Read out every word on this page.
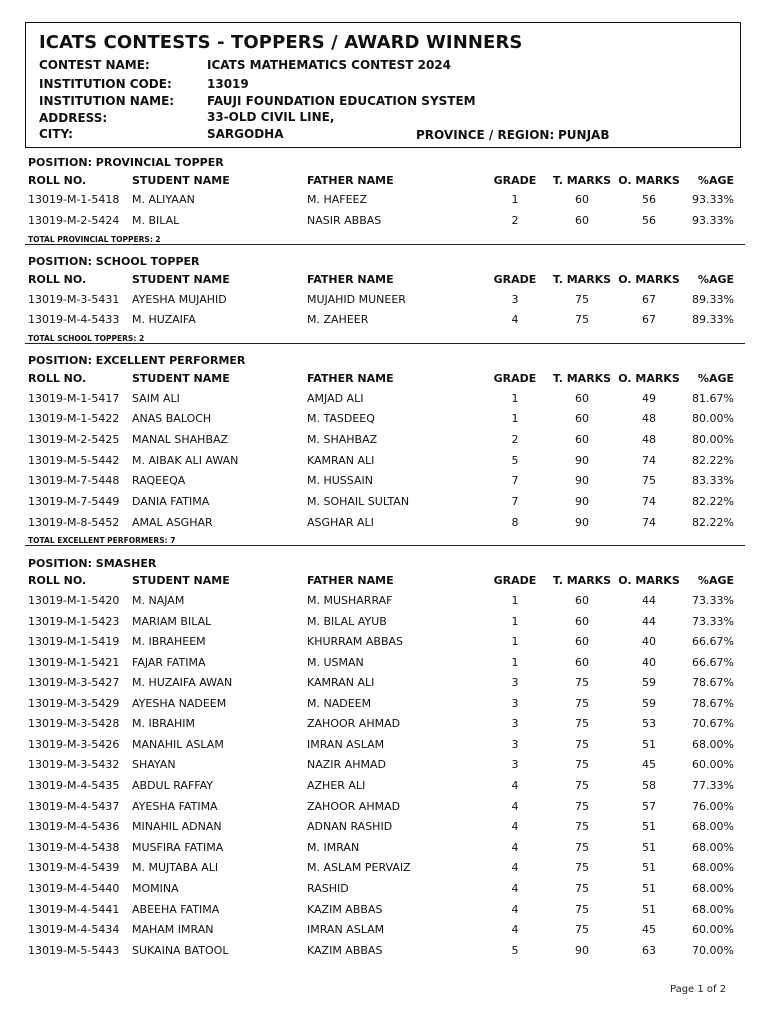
ICATS CONTESTS - TOPPERS / AWARD WINNERS
CONTEST NAME:	ICATS MATHEMATICS CONTEST 2024
INSTITUTION CODE:	13019
INSTITUTION NAME:	FAUJI FOUNDATION EDUCATION SYSTEM
ADDRESS:	33-OLD CIVIL LINE,
CITY:	SARGODHA	PROVINCE / REGION: PUNJAB
POSITION: PROVINCIAL TOPPER
ROLL NO.	STUDENT NAME	FATHER NAME	GRADE	T. MARKS O. MARKS	%AGE
13019-M-1-5418 M. ALIYAAN	M. HAFEEZ	1	60	56	93.33%
13019-M-2-5424 M. BILAL	NASIR ABBAS	2	60	56	93.33%
TOTAL PROVINCIAL TOPPERS: 2
POSITION: SCHOOL TOPPER
ROLL NO.	STUDENT NAME	FATHER NAME	GRADE	T. MARKS O. MARKS	%AGE
13019-M-3-5431 AYESHA MUJAHID	MUJAHID MUNEER	3	75	67	89.33%
13019-M-4-5433 M. HUZAIFA	M. ZAHEER	4	75	67	89.33%
TOTAL SCHOOL TOPPERS: 2
POSITION: EXCELLENT PERFORMER
ROLL NO.	STUDENT NAME	FATHER NAME	GRADE	T. MARKS O. MARKS	%AGE
13019-M-1-5417 SAIM ALI	AMJAD ALI	1	60	49	81.67%
13019-M-1-5422 ANAS BALOCH	M. TASDEEQ	1	60	48	80.00%
13019-M-2-5425 MANAL SHAHBAZ	M. SHAHBAZ	2	60	48	80.00%
13019-M-5-5442 M. AIBAK ALI AWAN	KAMRAN ALI	5	90	74	82.22%
13019-M-7-5448 RAQEEQA	M. HUSSAIN	7	90	75	83.33%
13019-M-7-5449 DANIA FATIMA	M. SOHAIL SULTAN	7	90	74	82.22%
13019-M-8-5452 AMAL ASGHAR	ASGHAR ALI	8	90	74	82.22%
TOTAL EXCELLENT PERFORMERS: 7
POSITION: SMASHER
ROLL NO.	STUDENT NAME	FATHER NAME	GRADE	T. MARKS O. MARKS	%AGE
13019-M-1-5420 M. NAJAM	M. MUSHARRAF	1	60	44	73.33%
13019-M-1-5423 MARIAM BILAL	M. BILAL AYUB	1	60	44	73.33%
13019-M-1-5419 M. IBRAHEEM	KHURRAM ABBAS	1	60	40	66.67%
13019-M-1-5421 FAJAR FATIMA	M. USMAN	1	60	40	66.67%
13019-M-3-5427 M. HUZAIFA AWAN	KAMRAN ALI	3	75	59	78.67%
13019-M-3-5429 AYESHA NADEEM	M. NADEEM	3	75	59	78.67%
13019-M-3-5428 M. IBRAHIM	ZAHOOR AHMAD	3	75	53	70.67%
13019-M-3-5426 MANAHIL ASLAM	IMRAN ASLAM	3	75	51	68.00%
13019-M-3-5432 SHAYAN	NAZIR AHMAD	3	75	45	60.00%
13019-M-4-5435 ABDUL RAFFAY	AZHER ALI	4	75	58	77.33%
13019-M-4-5437 AYESHA FATIMA	ZAHOOR AHMAD	4	75	57	76.00%
13019-M-4-5436 MINAHIL ADNAN	ADNAN RASHID	4	75	51	68.00%
13019-M-4-5438 MUSFIRA FATIMA	M. IMRAN	4	75	51	68.00%
13019-M-4-5439 M. MUJTABA ALI	M. ASLAM PERVAIZ	4	75	51	68.00%
13019-M-4-5440 MOMINA	RASHID	4	75	51	68.00%
13019-M-4-5441 ABEEHA FATIMA	KAZIM ABBAS	4	75	51	68.00%
13019-M-4-5434 MAHAM IMRAN	IMRAN ASLAM	4	75	45	60.00%
13019-M-5-5443 SUKAINA BATOOL	KAZIM ABBAS	5	90	63	70.00%
Page 1 of 2
